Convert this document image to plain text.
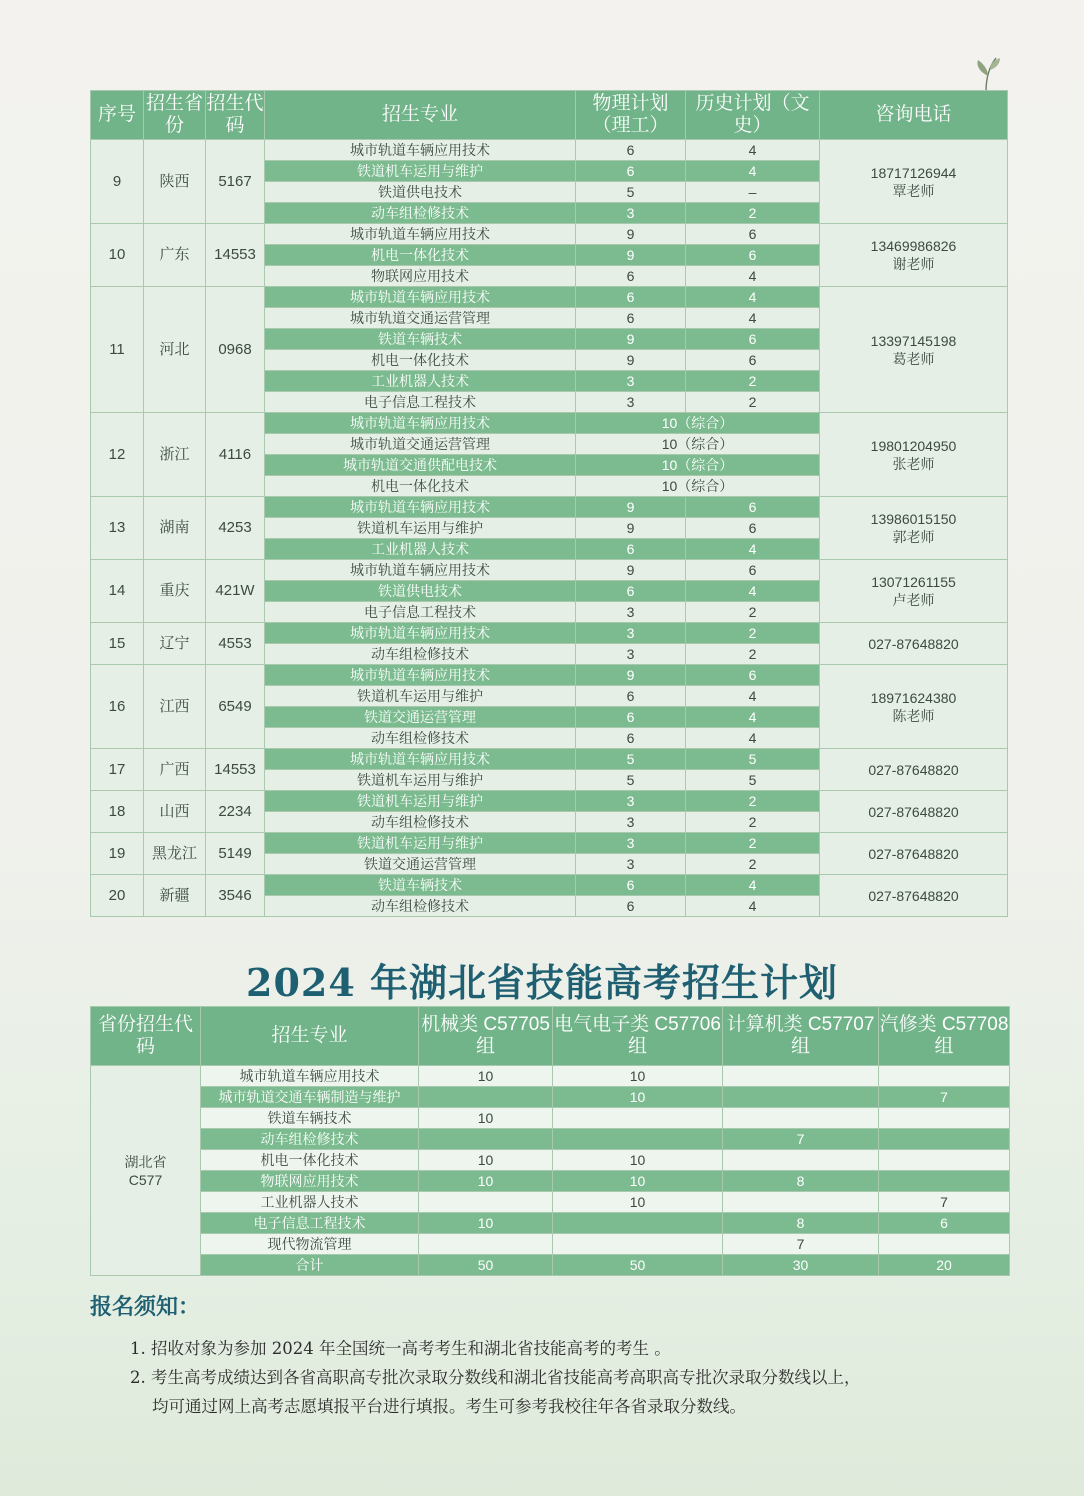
序号	招生省份	招生代码	招生专业	物理计划（理工）	历史计划（文史）	咨询电话
9	陕西	5167	城市轨道车辆应用技术	6	4	18717126944
覃老师

			铁道机车运用与维护	6	4	
			铁道供电技术	5	–	
			动车组检修技术	3	2	
10	广东	14553	城市轨道车辆应用技术	9	6	13469986826
谢老师

			机电一体化技术	9	6	
			物联网应用技术	6	4	
11	河北	0968	城市轨道车辆应用技术	6	4	13397145198
葛老师

			城市轨道交通运营管理	6	4	
			铁道车辆技术	9	6	
			机电一体化技术	9	6	
			工业机器人技术	3	2	
			电子信息工程技术	3	2	
12	浙江	4116	城市轨道车辆应用技术	10（综合）		19801204950
张老师

			城市轨道交通运营管理	10（综合）		
			城市轨道交通供配电技术	10（综合）		
			机电一体化技术	10（综合）		
13	湖南	4253	城市轨道车辆应用技术	9	6	13986015150
郭老师

			铁道机车运用与维护	9	6	
			工业机器人技术	6	4	
14	重庆	421W	城市轨道车辆应用技术	9	6	13071261155
卢老师

			铁道供电技术	6	4	
			电子信息工程技术	3	2	
15	辽宁	4553	城市轨道车辆应用技术	3	2	027-87648820

			动车组检修技术	3	2	
16	江西	6549	城市轨道车辆应用技术	9	6	18971624380
陈老师

			铁道机车运用与维护	6	4	
			铁道交通运营管理	6	4	
			动车组检修技术	6	4	
17	广西	14553	城市轨道车辆应用技术	5	5	027-87648820

			铁道机车运用与维护	5	5	
18	山西	2234	铁道机车运用与维护	3	2	027-87648820

			动车组检修技术	3	2	
19	黑龙江	5149	铁道机车运用与维护	3	2	027-87648820

			铁道交通运营管理	3	2	
20	新疆	3546	铁道车辆技术	6	4	027-87648820

			动车组检修技术	6	4	
2024 年湖北省技能高考招生计划
省份招生代码	招生专业	机械类 C57705 组	电气电子类 C57706 组	计算机类 C57707 组	汽修类 C57708 组

湖北省
C577	城市轨道车辆应用技术	10	10		
	城市轨道交通车辆制造与维护		10		7
	铁道车辆技术	10			
	动车组检修技术			7	
	机电一体化技术	10	10		
	物联网应用技术	10	10	8	
	工业机器人技术		10		7
	电子信息工程技术	10		8	6
	现代物流管理			7	
	合计	50	50	30	20
报名须知：

1. 招收对象为参加 2024 年全国统一高考考生和湖北省技能高考的考生 。

2. 考生高考成绩达到各省高职高专批次录取分数线和湖北省技能高考高职高专批次录取分数线以上，

均可通过网上高考志愿填报平台进行填报。考生可参考我校往年各省录取分数线。
